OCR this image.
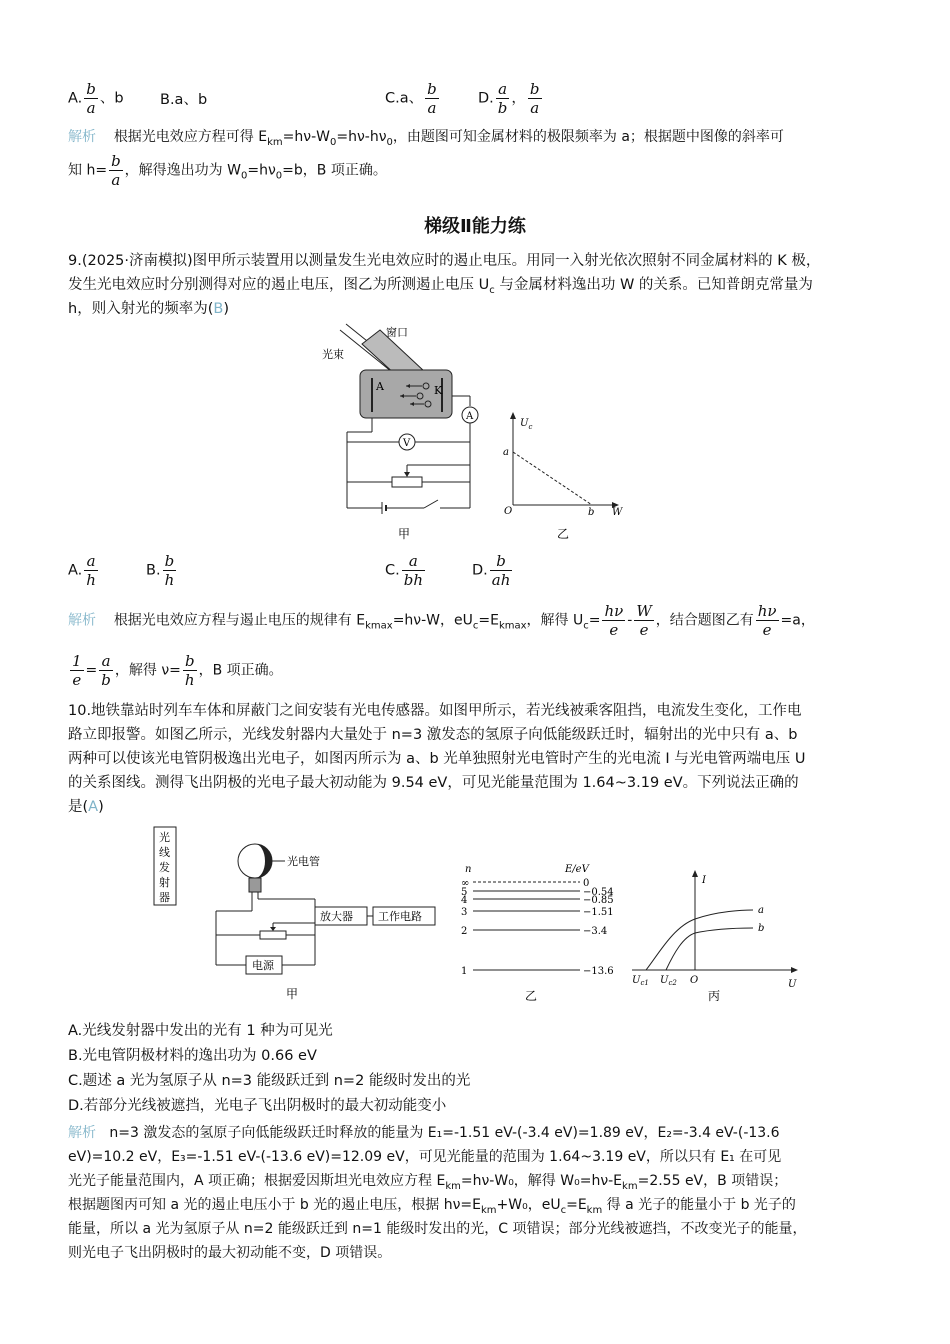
A. $\frac{b}{a}$ 、b	B.a、b	C.a、 $\frac{b}{a}$	D. $\frac{a}{b}$ ， $\frac{b}{a}$
解析 根据光电效应方程可得 $E_{km}=h\nu-W_0=h\nu-h\nu_0$，由题图可知金属材料的极限频率为 a；根据题中图像的斜率可
知 $h= \frac{b}{a}$ ，解得逸出功为 $W_0=h\nu_0=b$，B 项正确。
梯级Ⅱ能力练
9.(2025·济南模拟)图甲所示装置用以测量发生光电效应时的遏止电压。用同一入射光依次照射不同金属材料的 K 极，
发生光电效应时分别测得对应的遏止电压，图乙为所测遏止电压 $U_c$ 与金属材料逸出功 W 的关系。已知普朗克常量为
h，则入射光的频率为(B)
A	K
窗口
光束
A
V
甲
$U_c$
a
O	b W
乙
A. $\frac{a}{h}$	B. $\frac{b}{h}$	C. $\frac{a}{bh}$	D. $\frac{b}{ah}$
解析 根据光电效应方程与遏止电压的规律有 $E_{kmax}=h\nu-W$，$eU_c=E_{kmax}$，解得 $U_c= \frac{h\nu}{e} - \frac{W}{e}$ ，结合题图乙有 $\frac{h\nu}{e} =a$，
$\frac{1}{e} = \frac{a}{b}$ ，解得 $\nu= \frac{b}{h}$ ，B 项正确。
10.地铁靠站时列车车体和屏蔽门之间安装有光电传感器。如图甲所示，若光线被乘客阻挡，电流发生变化，工作电
路立即报警。如图乙所示，光线发射器内大量处于 n=3 激发态的氢原子向低能级跃迁时，辐射出的光中只有 a、b
两种可以使该光电管阴极逸出光电子，如图丙所示为 a、b 光单独照射光电管时产生的光电流 I 与光电管两端电压 U
的关系图线。测得飞出阴极的光电子最大初动能为 9.54 eV，可见光能量范围为 1.64~3.19 eV。下列说法正确的
是(A)
光
线
发
射
器
光电管
放大器 工作电路
电源
甲
n	E/eV
∞	0
5	−0.54
4	−0.85
3	−1.51
2	−3.4
1	−13.6
乙
I
U
O
a
b
$U_{c1}$ $U_{c2}$
丙
A.光线发射器中发出的光有 1 种为可见光
B.光电管阴极材料的逸出功为 0.66 eV
C.题述 a 光为氢原子从 n=3 能级跃迁到 n=2 能级时发出的光
D.若部分光线被遮挡，光电子飞出阴极时的最大初动能变小
解析 n=3 激发态的氢原子向低能级跃迁时释放的能量为 E₁=-1.51 eV-(-3.4 eV)=1.89 eV，E₂=-3.4 eV-(-13.6
eV)=10.2 eV，E₃=-1.51 eV-(-13.6 eV)=12.09 eV，可见光能量的范围为 1.64~3.19 eV，所以只有 E₁ 在可见
光光子能量范围内，A 项正确；根据爱因斯坦光电效应方程 $E_{km}=h\nu-W_0$，解得 $W_0=h\nu-E_{km}=2.55$ eV，B 项错误；
根据题图丙可知 a 光的遏止电压小于 b 光的遏止电压，根据 $h\nu=E_{km}+W_0$，$eU_c=E_{km}$ 得 a 光子的能量小于 b 光子的
能量，所以 a 光为氢原子从 n=2 能级跃迁到 n=1 能级时发出的光，C 项错误；部分光线被遮挡，不改变光子的能量，
则光电子飞出阴极时的最大初动能不变，D 项错误。
